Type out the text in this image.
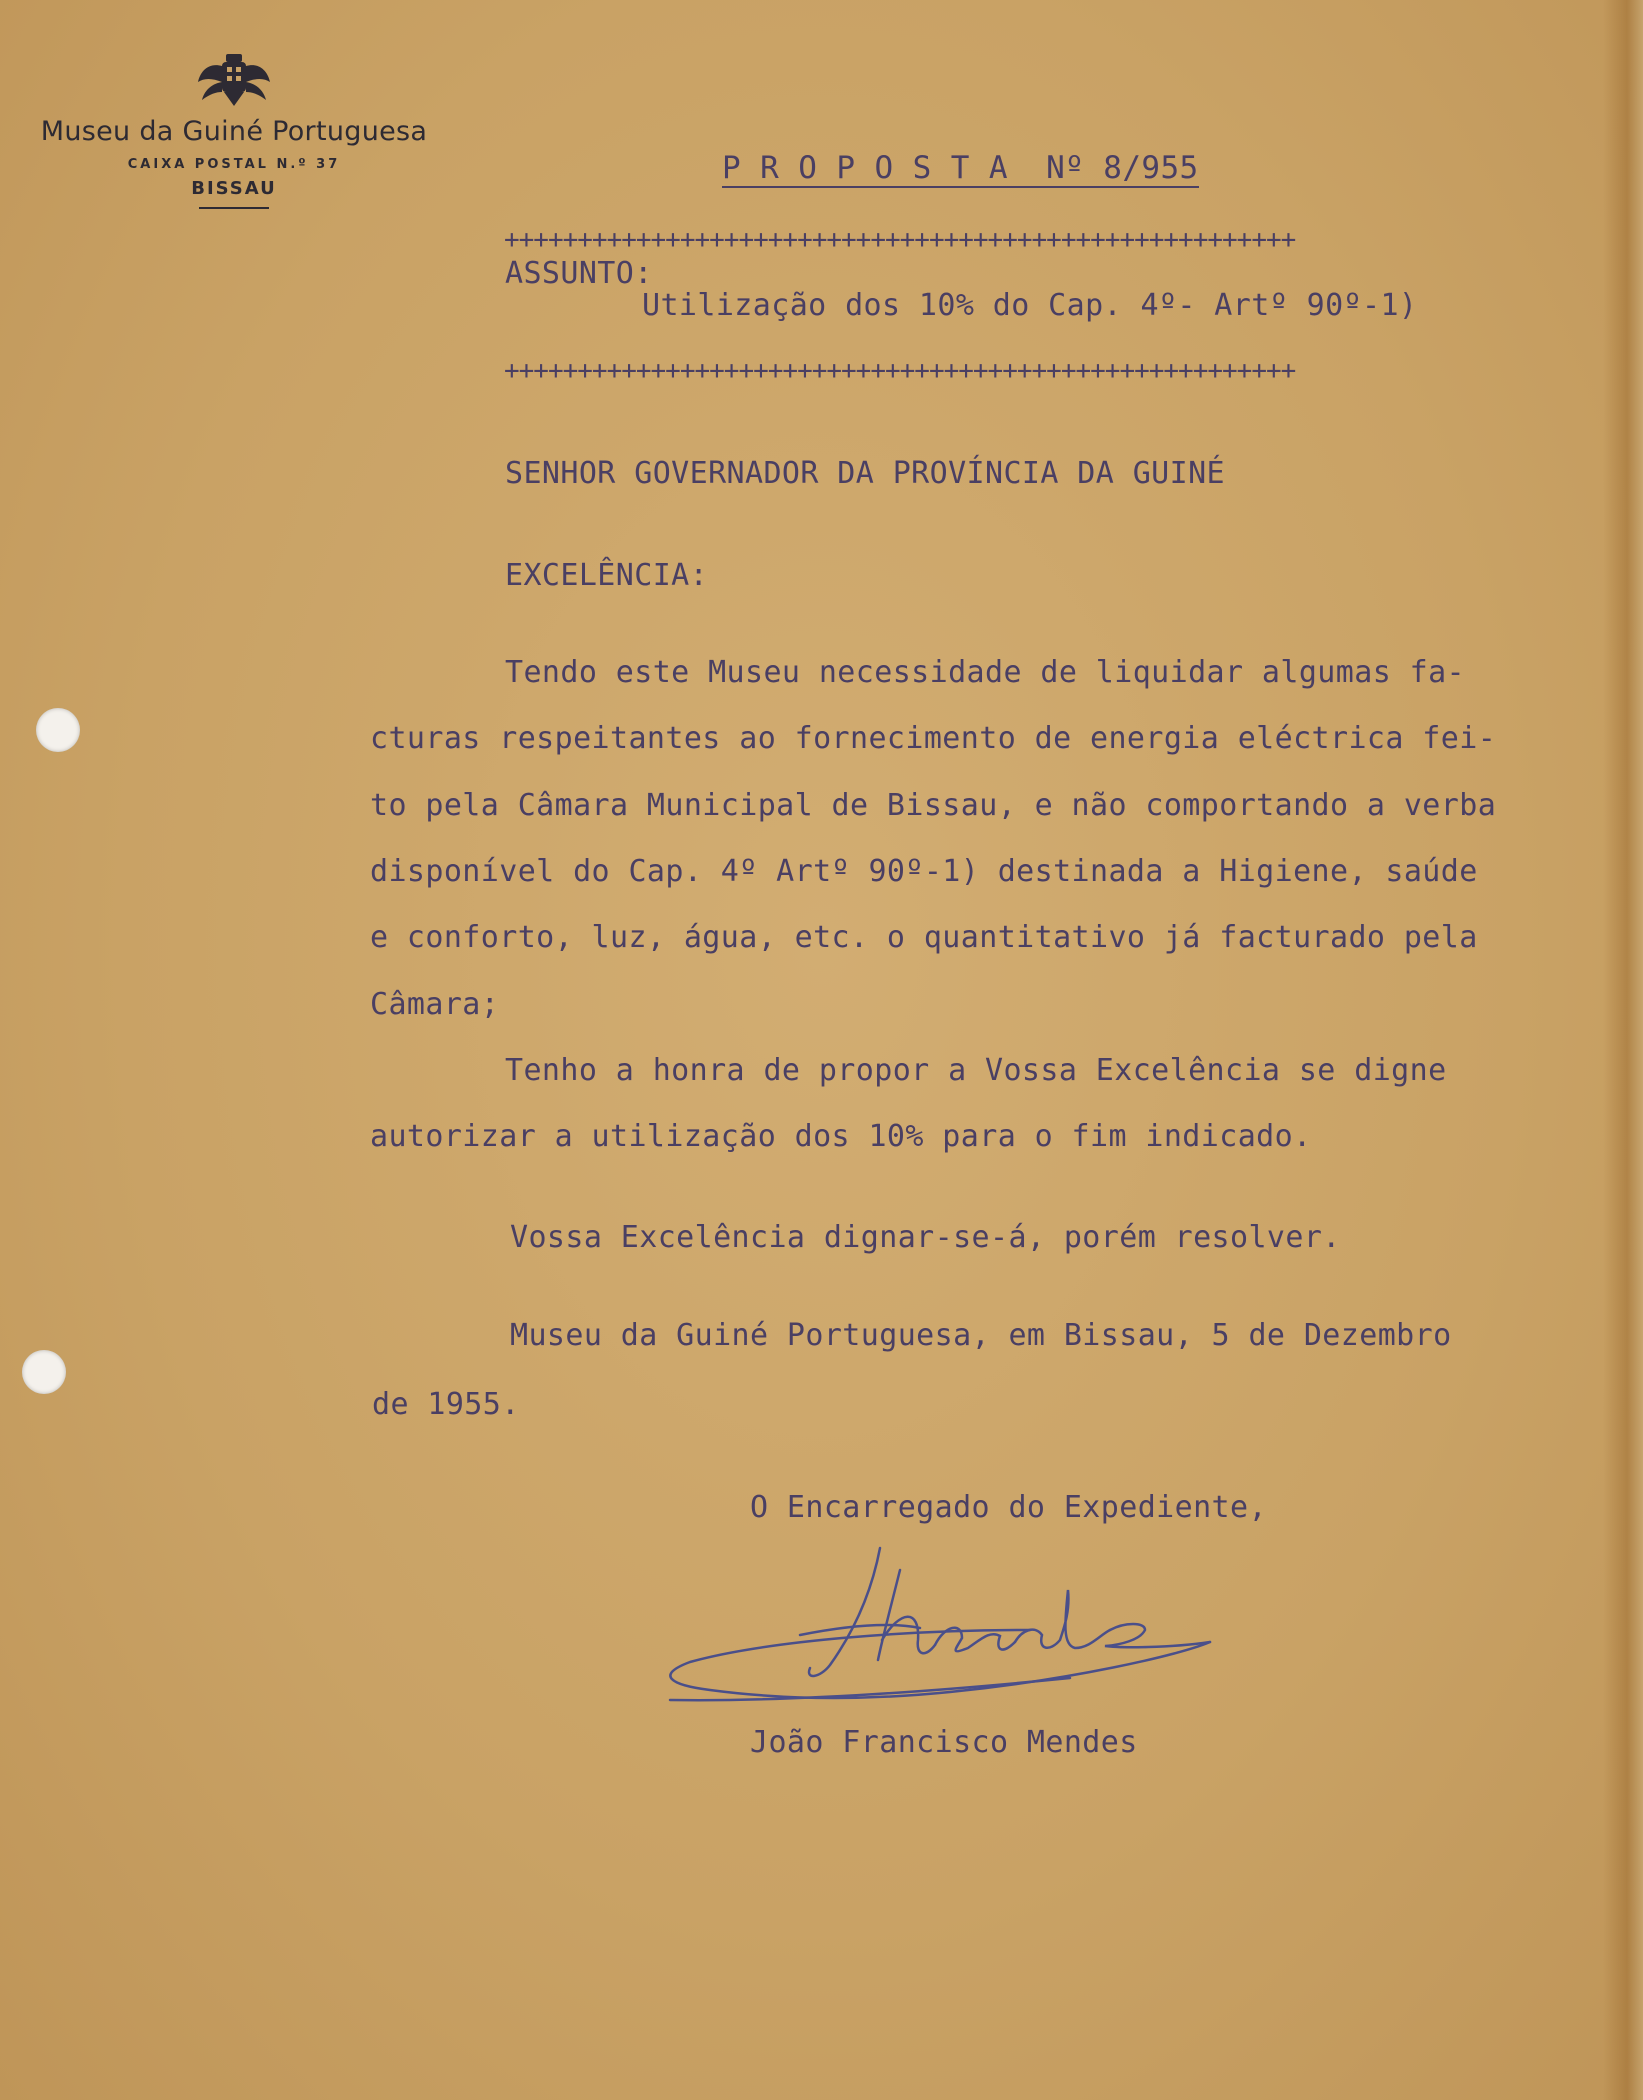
Museu da Guiné Portuguesa
CAIXA POSTAL N.º 37
BISSAU
P R O P O S T A  Nº 8/955
++++++++++++++++++++++++++++++++++++++++++++++++++++++
ASSUNTO:
Utilização dos 10% do Cap. 4º- Artº 90º-1)
++++++++++++++++++++++++++++++++++++++++++++++++++++++
SENHOR GOVERNADOR DA PROVÍNCIA DA GUINÉ
EXCELÊNCIA:
Tendo este Museu necessidade de liquidar algumas fa-
cturas respeitantes ao fornecimento de energia eléctrica fei-
to pela Câmara Municipal de Bissau, e não comportando a verba
disponível do Cap. 4º Artº 90º-1) destinada a Higiene, saúde
e conforto, luz, água, etc. o quantitativo já facturado pela
Câmara;
Tenho a honra de propor a Vossa Excelência se digne
autorizar a utilização dos 10% para o fim indicado.
Vossa Excelência dignar-se-á, porém resolver.
Museu da Guiné Portuguesa, em Bissau, 5 de Dezembro
de 1955.
O Encarregado do Expediente,
João Francisco Mendes
